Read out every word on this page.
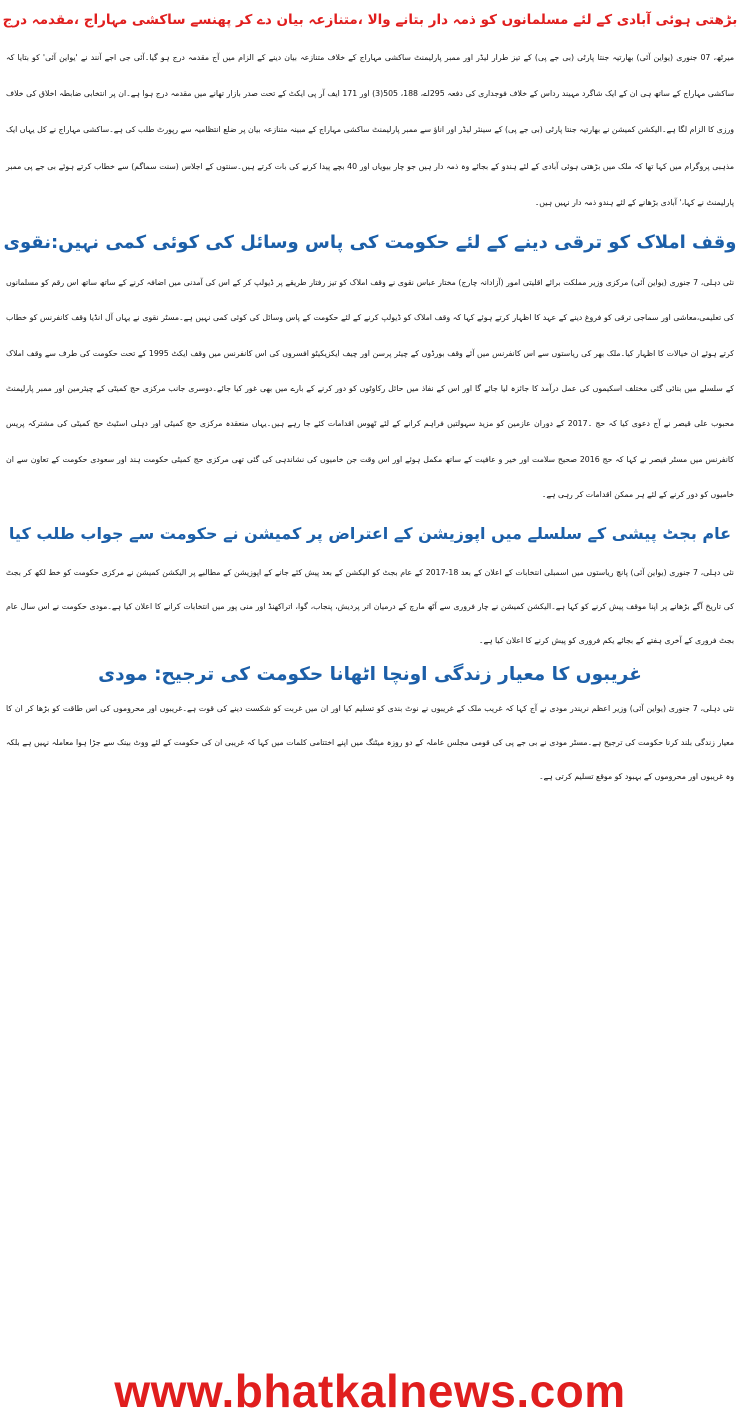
بڑھتی ہوئی آبادی کے لئے مسلمانوں کو ذمہ دار بتانے والا ،متنازعہ بیان دے کر پھنسے ساکشی مہاراج ،مقدمہ درج

میرٹھ، 07 جنوری (یواین آئی) بھارتیہ جنتا پارٹی (بی جے پی) کے تیز طرار لیڈر اور ممبر پارلیمنٹ ساکشی مہاراج کے خلاف متنازعہ بیان دینے کے الزام میں آج مقدمہ درج ہو گیا۔آئی جی اجے آنند نے 'یواین آئی' کو بتایا کہ ساکشی مہاراج کے ساتھ ہی ان کے ایک شاگرد مہیند رداس کے خلاف فوجداری کی دفعہ 295اے، 188، 505(3) اور 171 ایف آر پی ایکٹ کے تحت صدر بازار تھانے میں مقدمہ درج ہوا ہے۔ان پر انتخابی ضابطہ اخلاق کی خلاف ورزی کا الزام لگا ہے۔الیکشن کمیشن نے بھارتیہ جنتا پارٹی (بی جے پی) کے سینئر لیڈر اور اناؤ سے ممبر پارلیمنٹ ساکشی مہاراج کے مبینہ متنازعہ بیان پر ضلع انتظامیہ سے رپورٹ طلب کی ہے۔ساکشی مہاراج نے کل یہاں ایک مذہبی پروگرام میں کہا تھا کہ ملک میں بڑھتی ہوئی آبادی کے لئے ہندو کے بجائے وہ ذمہ دار ہیں جو چار بیویاں اور 40 بچے پیدا کرنے کی بات کرتے ہیں۔سنتوں کے اجلاس (سنت سماگم) سے خطاب کرتے ہوئے بی جے پی ممبر پارلیمنٹ نے کہا،' آبادی بڑھانے کے لئے ہندو ذمہ دار نہیں ہیں۔

وقف املاک کو ترقی دینے کے لئے حکومت کی پاس وسائل کی کوئی کمی نہیں:نقوی

نئی دہلی، 7 جنوری (یواین آئی) مرکزی وزیر مملکت برائے اقلیتی امور (آزادانہ چارج) مختار عباس نقوی نے وقف املاک کو تیز رفتار طریقے پر ڈیولپ کر کے اس کی آمدنی میں اضافہ کرنے کے ساتھ ساتھ اس رقم کو مسلمانوں کی تعلیمی،معاشی اور سماجی ترقی کو فروغ دینے کے عہد کا اظہار کرتے ہوئے کہا کہ وقف املاک کو ڈیولپ کرنے کے لئے حکومت کے پاس وسائل کی کوئی کمی نہیں ہے۔مسٹر نقوی نے یہاں آل انڈیا وقف کانفرنس کو خطاب کرتے ہوئے ان خیالات کا اظہار کیا۔ملک بھر کی ریاستوں سے اس کانفرنس میں آئے وقف بورڈوں کے چیئر پرسن اور چیف ایکزیکیٹو افسروں کی اس کانفرنس میں وقف ایکٹ 1995 کے تحت حکومت کی طرف سے وقف املاک کے سلسلے میں بنائی گئی مختلف اسکیموں کی عمل درآمد کا جائزہ لیا جائے گا اور اس کے نفاذ میں حائل رکاوٹوں کو دور کرنے کے بارے میں بھی غور کیا جائے۔دوسری جانب مرکزی حج کمیٹی کے چیئرمین اور ممبر پارلیمنٹ محبوب علی قیصر نے آج دعوی کیا کہ حج ۔2017 کے دوران عازمین کو مزید سہولتیں فراہم کرانے کے لئے ٹھوس اقدامات کئے جا رہے ہیں۔یہاں منعقدہ مرکزی حج کمیٹی اور دہلی اسٹیٹ حج کمیٹی کی مشترکہ پریس کانفرنس میں مسٹر قیصر نے کہا کہ حج 2016 صحیح سلامت اور خیر و عافیت کے ساتھ مکمل ہوئے اور اس وقت جن خامیوں کی نشاندہی کی گئی تھی مرکزی حج کمیٹی حکومت ہند اور سعودی حکومت کے تعاون سے ان خامیوں کو دور کرنے کے لئے ہر ممکن اقدامات کر رہی ہے۔

عام بجٹ پیشی کے سلسلے میں اپوزیشن کے اعتراض پر کمیشن نے حکومت سے جواب طلب کیا

نئی دہلی، 7 جنوری (یواین آئی) پانچ ریاستوں میں اسمبلی انتخابات کے اعلان کے بعد 18-2017 کے عام بجٹ کو الیکشن کے بعد پیش کئے جانے کے اپوزیشن کے مطالبے پر الیکشن کمیشن نے مرکزی حکومت کو خط لکھ کر بجٹ کی تاریخ آگے بڑھانے پر اپنا موقف پیش کرنے کو کہا ہے۔الیکشن کمیشن نے چار فروری سے آٹھ مارچ کے درمیان اتر پردیش، پنجاب، گوا، اتراکھنڈ اور منی پور میں انتخابات کرانے کا اعلان کیا ہے۔مودی حکومت نے اس سال عام بجٹ فروری کے آخری ہفتے کے بجائے یکم فروری کو پیش کرنے کا اعلان کیا ہے۔

غریبوں کا معیار زندگی اونچا اٹھانا حکومت کی ترجیح: مودی

نئی دہلی، 7 جنوری (یواین آئی) وزیر اعظم نریندر مودی نے آج کہا کہ غریب ملک کے غریبوں نے نوٹ بندی کو تسلیم کیا اور ان میں غربت کو شکست دینے کی قوت ہے۔غریبوں اور محروموں کی اس طاقت کو بڑھا کر ان کا معیار زندگی بلند کرنا حکومت کی ترجیح ہے۔مسٹر مودی نے بی جے پی کی قومی مجلس عاملہ کے دو روزہ میٹنگ میں اپنے اختتامی کلمات میں کہا کہ غریبی ان کی حکومت کے لئے ووٹ بینک سے جڑا ہوا معاملہ نہیں ہے بلکہ وہ غریبوں اور محروموں کے بہبود کو موقع تسلیم کرتی ہے۔

www.bhatkalnews.com
